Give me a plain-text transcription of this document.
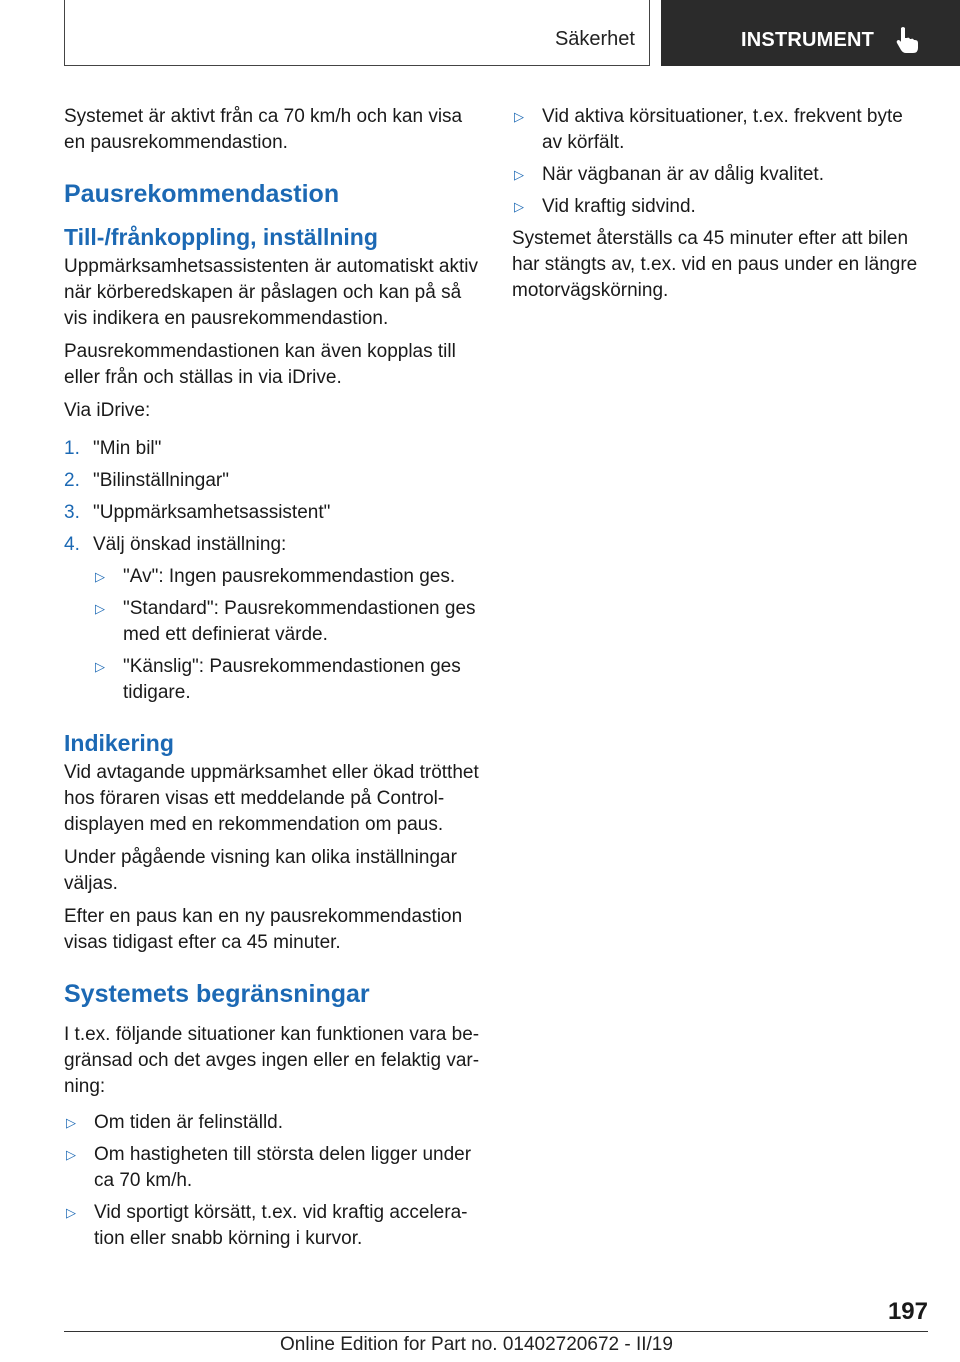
Säkerhet	INSTRUMENT

Systemet är aktivt från ca 70 km/h och kan visa en pausrekommendastion.

Pausrekommendastion
Till-/frånkoppling, inställning

Uppmärksamhetsassistenten är automatiskt aktiv när körberedskapen är påslagen och kan på så vis indikera en pausrekommendastion.

Pausrekommendastionen kan även kopplas till eller från och ställas in via iDrive.

Via iDrive:

1. "Min bil"
2. "Bilinställningar"
3. "Uppmärksamhetsassistent"
4. Välj önskad inställning:
▷ "Av": Ingen pausrekommendastion ges.
▷ "Standard": Pausrekommendastionen ges med ett definierat värde.
▷ "Känslig": Pausrekommendastionen ges tidigare.
Indikering

Vid avtagande uppmärksamhet eller ökad trötthet hos föraren visas ett meddelande på Control-displayen med en rekommendation om paus.

Under pågående visning kan olika inställningar väljas.

Efter en paus kan en ny pausrekommendastion visas tidigast efter ca 45 minuter.

Systemets begränsningar

I t.ex. följande situationer kan funktionen vara begränsad och det avges ingen eller en felaktig varning:

▷ Om tiden är felinställd.
▷ Om hastigheten till största delen ligger under ca 70 km/h.
▷ Vid sportigt körsätt, t.ex. vid kraftig acceleration eller snabb körning i kurvor.
▷ Vid aktiva körsituationer, t.ex. frekvent byte av körfält.
▷ När vägbanan är av dålig kvalitet.
▷ Vid kraftig sidvind.

Systemet återställs ca 45 minuter efter att bilen har stängts av, t.ex. vid en paus under en längre motorvägskörning.

197
Online Edition for Part no. 01402720672 - II/19
